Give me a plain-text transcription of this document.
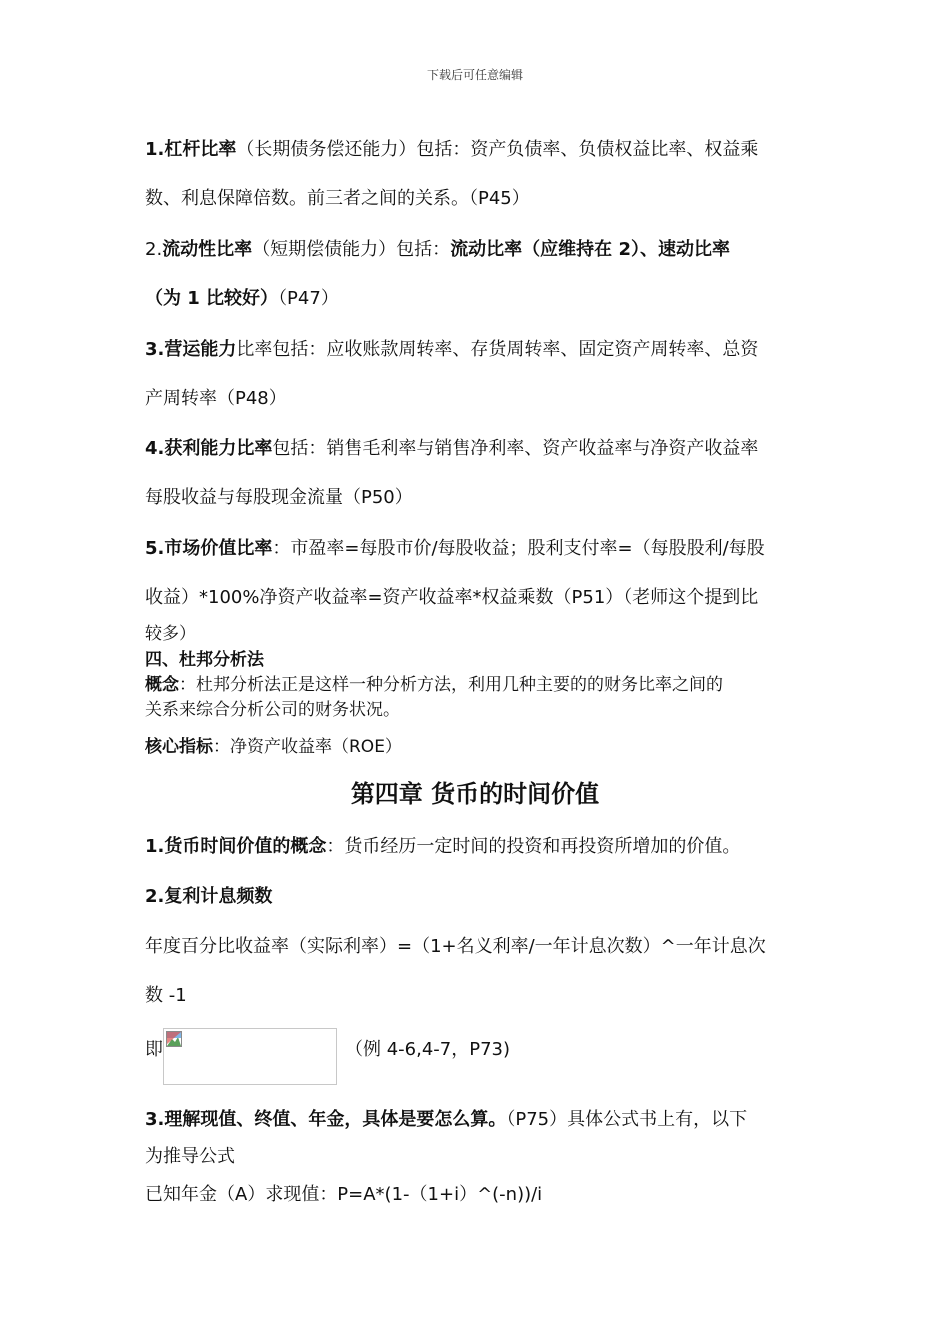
下载后可任意编辑
1.杠杆比率（长期债务偿还能力）包括：资产负债率、负债权益比率、权益乘
数、利息保障倍数。前三者之间的关系。（P45）
2.流动性比率（短期偿债能力）包括：流动比率（应维持在 2）、速动比率
（为 1 比较好）（P47）
3.营运能力比率包括：应收账款周转率、存货周转率、固定资产周转率、总资
产周转率（P48）
4.获利能力比率包括：销售毛利率与销售净利率、资产收益率与净资产收益率
每股收益与每股现金流量（P50）
5.市场价值比率：市盈率=每股市价/每股收益；股利支付率=（每股股利/每股
收益）*100%净资产收益率=资产收益率*权益乘数（P51）（老师这个提到比
较多）
四、杜邦分析法
概念：杜邦分析法正是这样一种分析方法，利用几种主要的的财务比率之间的
关系来综合分析公司的财务状况。
核心指标：净资产收益率（ROE）
第四章 货币的时间价值
1.货币时间价值的概念：货币经历一定时间的投资和再投资所增加的价值。
2.复利计息频数
年度百分比收益率（实际利率）=（1+名义利率/一年计息次数）^一年计息次
数 -1
即	（例 4-6,4-7，P73)
3.理解现值、终值、年金，具体是要怎么算。（P75）具体公式书上有，以下
为推导公式
已知年金（A）求现值：P=A*(1-（1+i）^(-n))/i
